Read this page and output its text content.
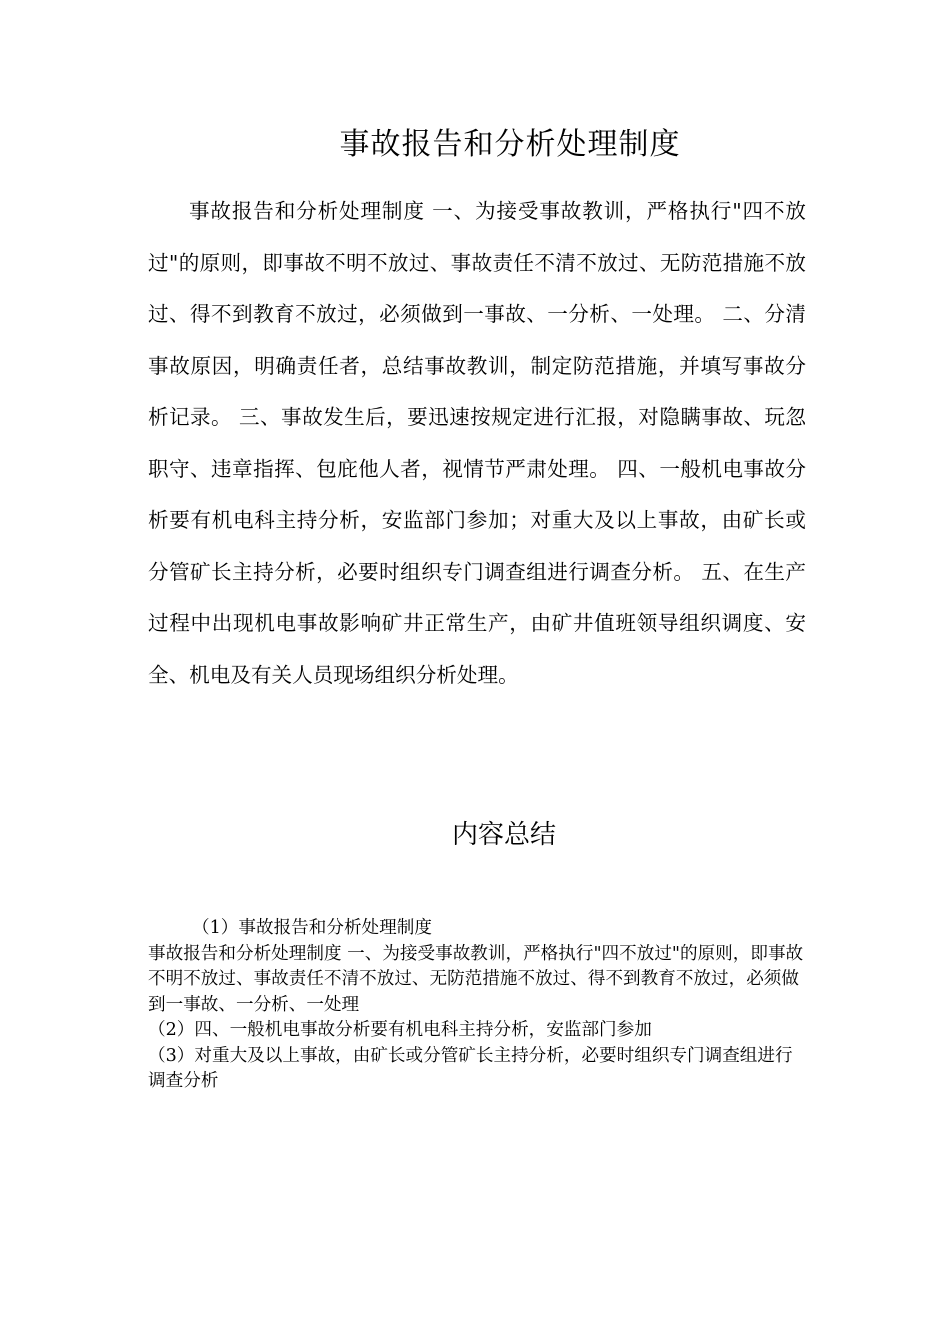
事故报告和分析处理制度

事故报告和分析处理制度 一、为接受事故教训，严格执行"四不放过"的原则，即事故不明不放过、事故责任不清不放过、无防范措施不放过、得不到教育不放过，必须做到一事故、一分析、一处理。 二、分清事故原因，明确责任者，总结事故教训，制定防范措施，并填写事故分析记录。 三、事故发生后，要迅速按规定进行汇报，对隐瞒事故、玩忽职守、违章指挥、包庇他人者，视情节严肃处理。 四、一般机电事故分析要有机电科主持分析，安监部门参加；对重大及以上事故，由矿长或分管矿长主持分析，必要时组织专门调查组进行调查分析。 五、在生产过程中出现机电事故影响矿井正常生产，由矿井值班领导组织调度、安全、机电及有关人员现场组织分析处理。

内容总结
（1）事故报告和分析处理制度
事故报告和分析处理制度 一、为接受事故教训，严格执行"四不放过"的原则，即事故不明不放过、事故责任不清不放过、无防范措施不放过、得不到教育不放过，必须做到一事故、一分析、一处理
（2）四、一般机电事故分析要有机电科主持分析，安监部门参加
（3）对重大及以上事故，由矿长或分管矿长主持分析，必要时组织专门调查组进行调查分析
